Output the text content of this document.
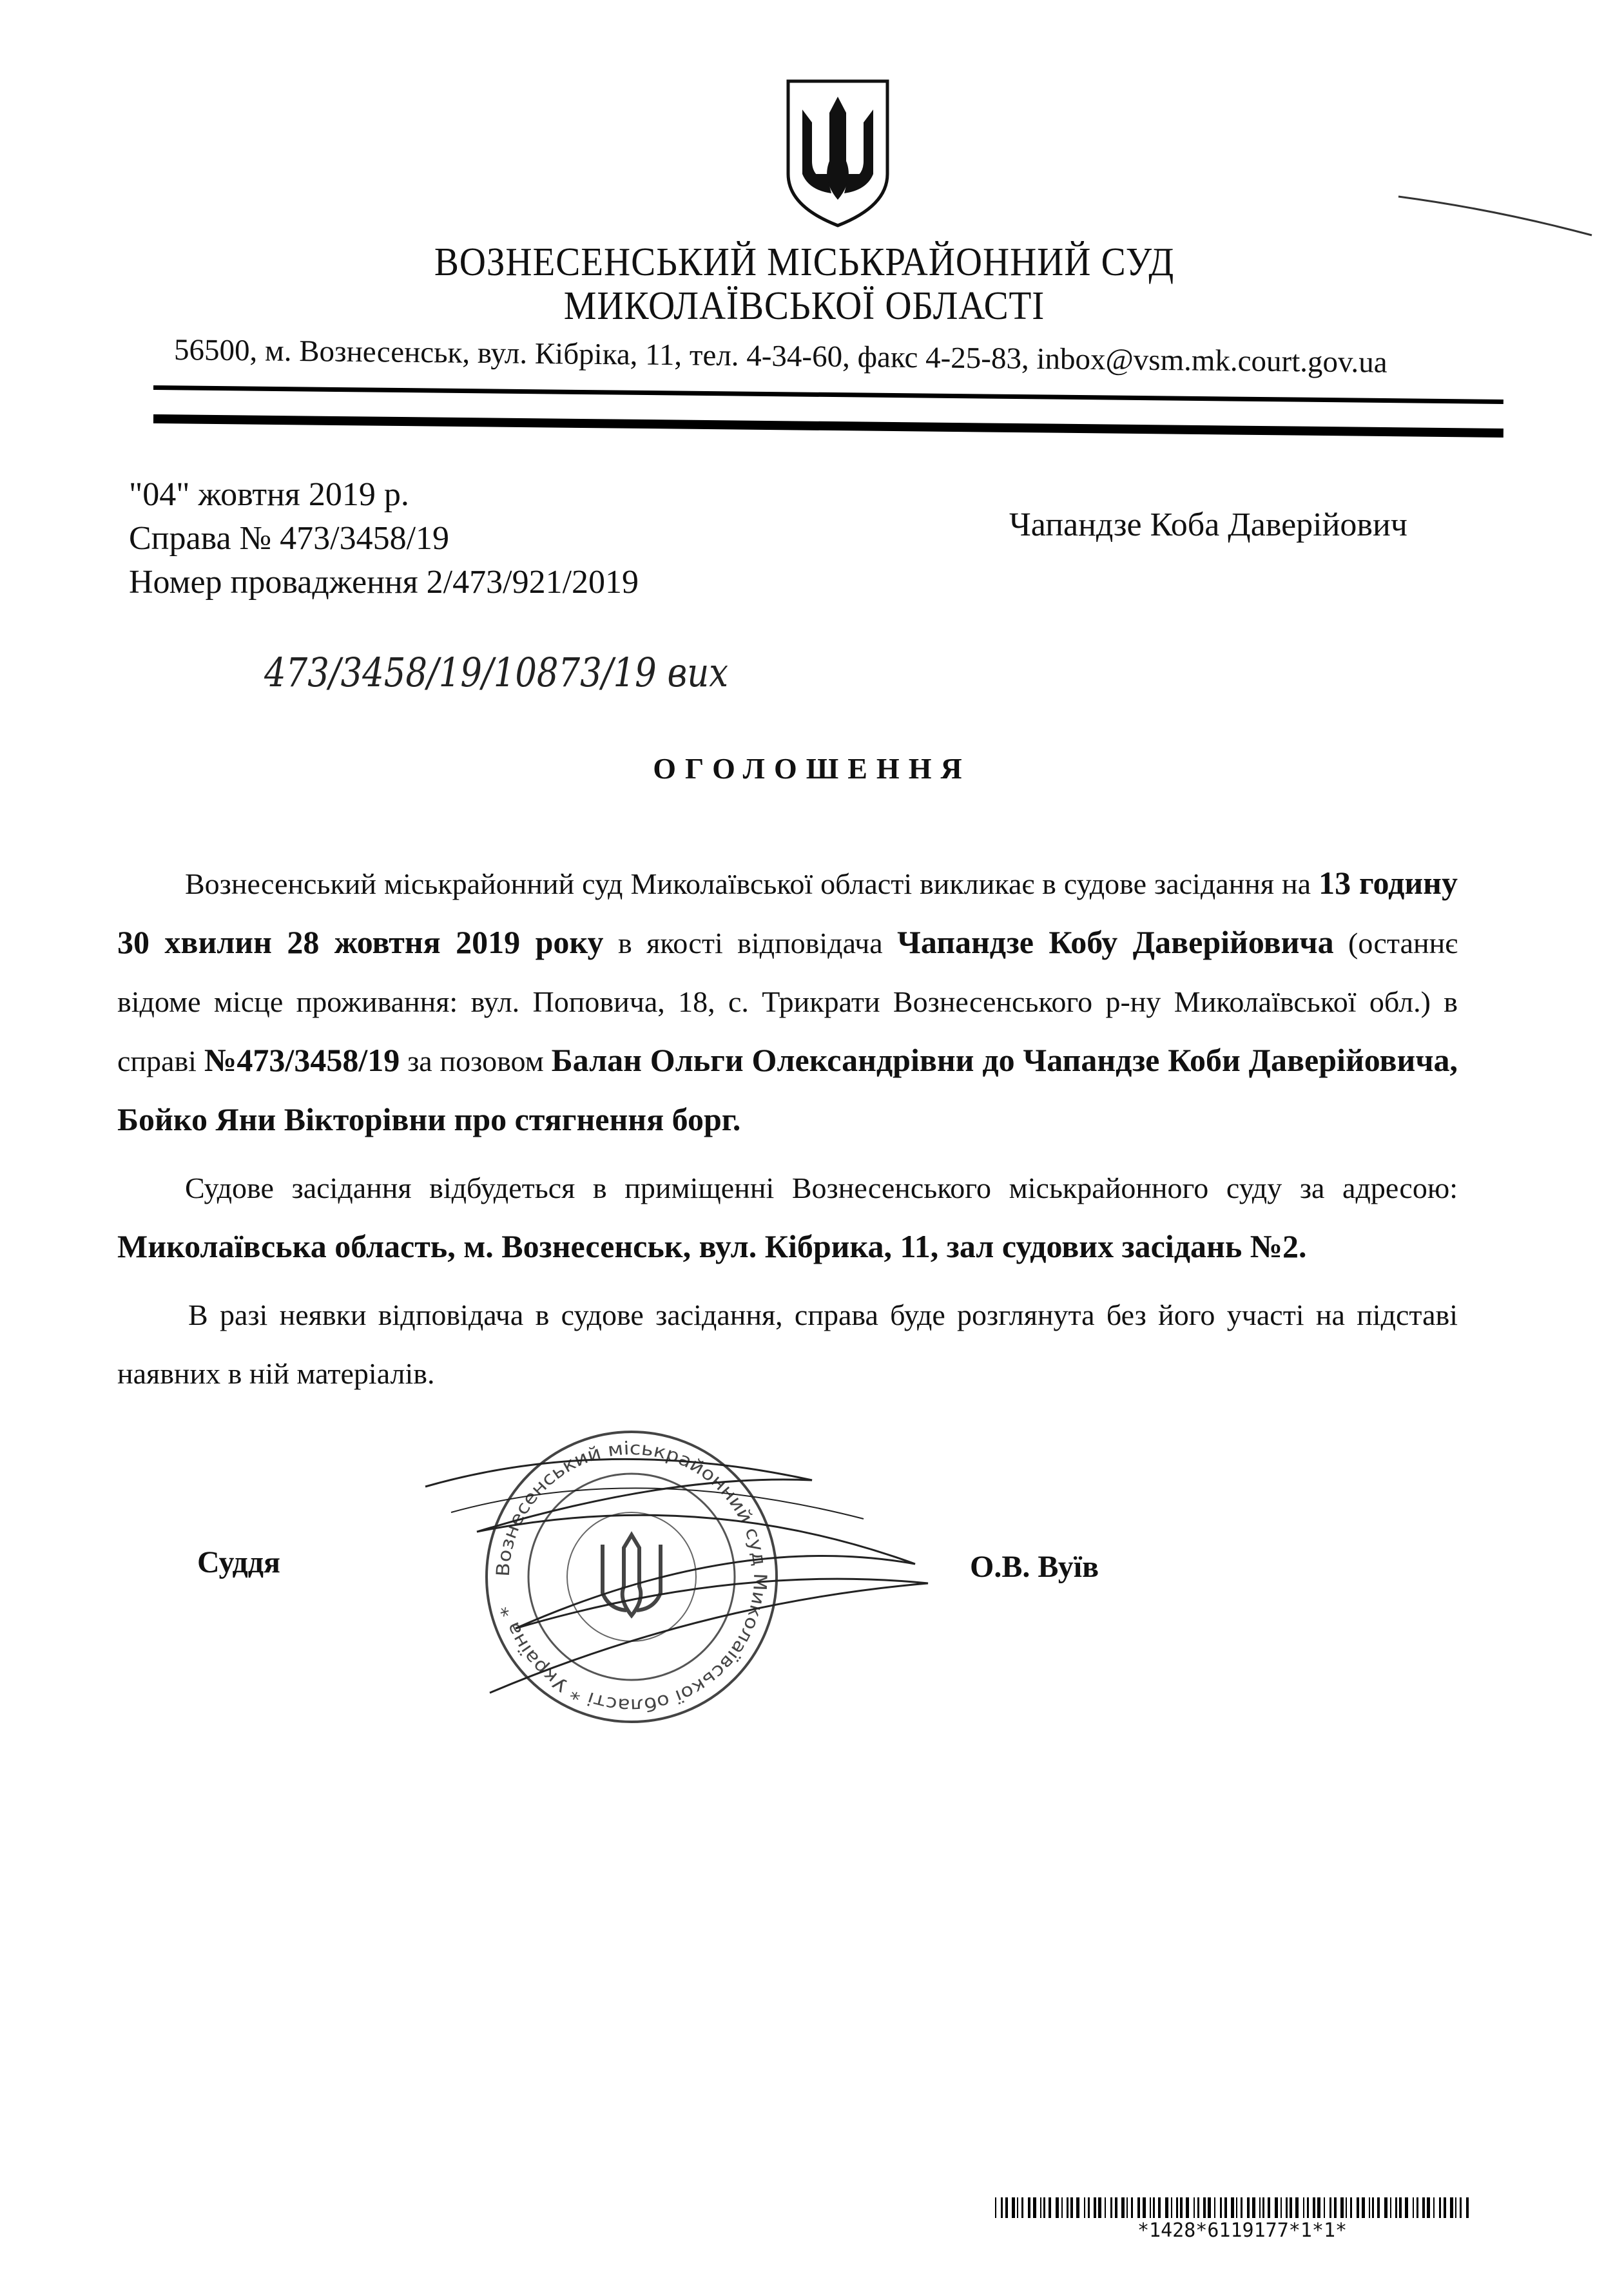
ВОЗНЕСЕНСЬКИЙ МІСЬКРАЙОННИЙ СУД
МИКОЛАЇВСЬКОЇ ОБЛАСТІ
56500, м. Вознесенськ, вул. Кібріка, 11, тел. 4-34-60, факс 4-25-83, inbox@vsm.mk.court.gov.ua
"04" жовтня 2019 р.
Справа № 473/3458/19
Номер провадження 2/473/921/2019
Чапандзе Коба Даверійович
473/3458/19/10873/19 вих
ОГОЛОШЕННЯ

Вознесенський міськрайонний суд Миколаївської області викликає в судове засідання на 13 годину 30 хвилин 28 жовтня 2019 року в якості відповідача Чапандзе Кобу Даверійовича (останнє відоме місце проживання: вул. Поповича, 18, с. Трикрати Вознесенського р-ну Миколаївської обл.) в справі №473/3458/19 за позовом Балан Ольги Олександрівни до Чапандзе Коби Даверійовича, Бойко Яни Вікторівни про стягнення борг.

Судове засідання відбудеться в приміщенні Вознесенського міськрайонного суду за адресою: Миколаївська область, м. Вознесенськ, вул. Кібрика, 11, зал судових засідань №2.

В разі неявки відповідача в судове засідання, справа буде розглянута без його участі на підставі наявних в ній матеріалів.

Вознесенський міськрайонний суд Миколаївської області * Україна *
Суддя	О.В. Вуїв
*1428*6119177*1*1*
